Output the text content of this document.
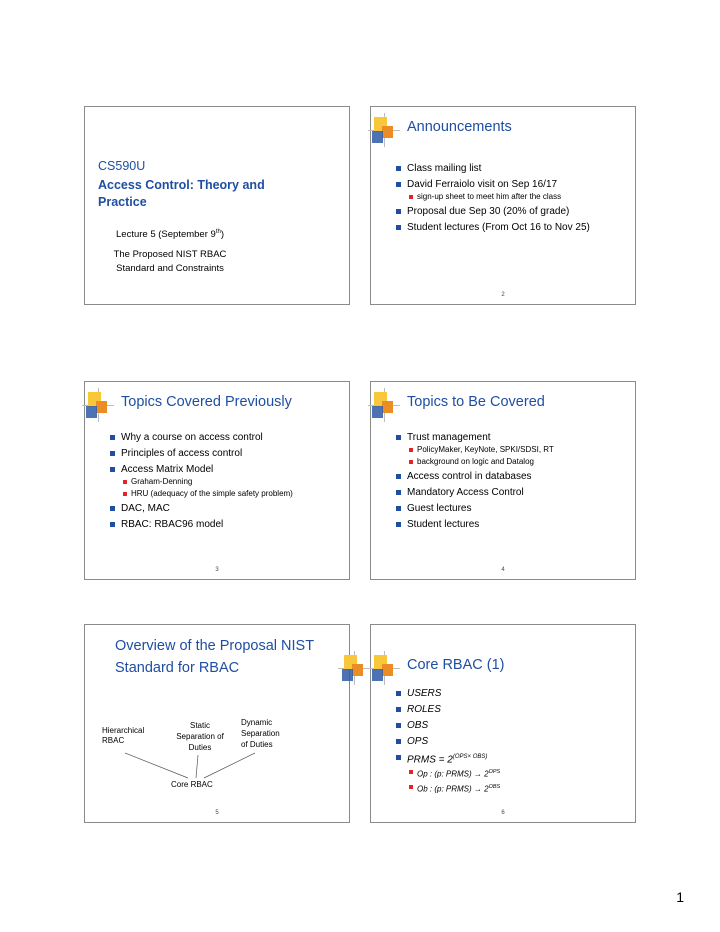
CS590U
Access Control: Theory and
Practice
Lecture 5 (September 9th)
The Proposed NIST RBAC
Standard and Constraints
Announcements
Class mailing list
David Ferraiolo visit on Sep 16/17
sign-up sheet to meet him after the class
Proposal due Sep 30 (20% of grade)
Student lectures (From Oct 16 to Nov 25)
2
Topics Covered Previously
Why a course on access control
Principles of access control
Access Matrix Model
Graham-Denning
HRU (adequacy of the simple safety problem)
DAC, MAC
RBAC: RBAC96 model
3
Topics to Be Covered
Trust management
PolicyMaker, KeyNote, SPKI/SDSI, RT
background on logic and Datalog
Access control in databases
Mandatory Access Control
Guest lectures
Student lectures
4
Overview of the Proposal NIST
Standard for RBAC
Hierarchical
RBAC
Static
Separation of
Duties
Dynamic
Separation
of Duties
Core RBAC
5
Core RBAC (1)
USERS
ROLES
OBS
OPS
PRMS = $2^{(OPS\times OBS)}$
Op : (p: PRMS) → $2^{OPS}$
Ob : (p: PRMS) → $2^{OBS}$
6
1
